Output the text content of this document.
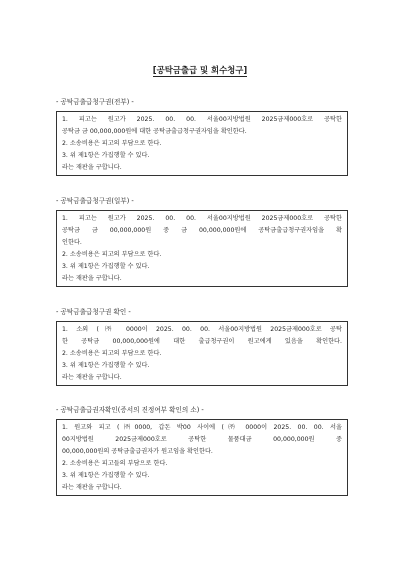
[공탁금출급 및 회수청구]
- 공탁금출급청구권(전부) -

1. 피고는 원고가 2025. 00. 00. 서울00지방법원 2025금제000호로 공탁한

공탁금 금 00,000,000원에 대한 공탁금출급청구권자임을 확인한다.

2. 소송비용은 피고의 부담으로 한다.

3. 위 제1항은 가집행할 수 있다.

라는 재판을 구합니다.

- 공탁금출급청구권(일부) -

1. 피고는 원고가 2025. 00. 00. 서울00지방법원 2025금제000호로 공탁한

공탁금 금 00,000,000원 중 금 00,000,000원에 공탁금출급청구권자임을 확

인한다.

2. 소송비용은 피고의 부담으로 한다.

3. 위 제1항은 가집행할 수 있다.

라는 재판을 구합니다.

- 공탁금출급청구권 확인 -

1. 소외 (㈜ 0000이 2025. 00. 00. 서울00지방법원 2025금제000호로 공탁

한 공탁금 00,000,000원에 대한 출급청구권이 원고에게 있음을 확인한다.

2. 소송비용은 피고의 부담으로 한다.

3. 위 제1항은 가집행할 수 있다.

라는 재판을 구합니다.

- 공탁금출급권자확인(증서의 진정여부 확인의 소) -

1. 원고와 피고 (㈜0000, 갑돈 박00 사이에 (㈜ 0000이 2025. 00. 00. 서울

00지방법원 2025금제000호로 공탁한 물품대금 00,000,000원 중

00,000,000원의 공탁금출급권자가 원고임을 확인한다.

2. 소송비용은 피고들의 부담으로 한다.

3. 위 제1항은 가집행할 수 있다.

라는 재판을 구합니다.
